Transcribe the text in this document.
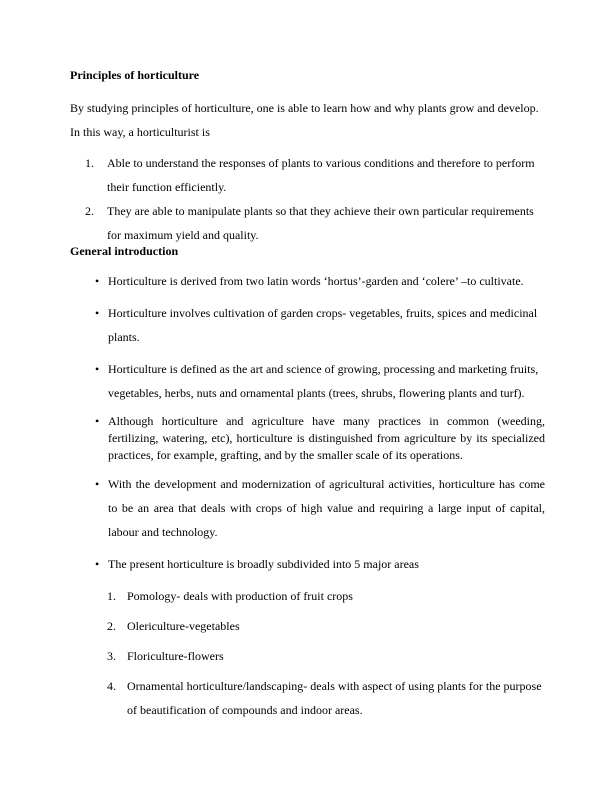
Principles of horticulture

By studying principles of horticulture, one is able to learn how and why plants grow and develop. In this way, a horticulturist is

1.	Able to understand the responses of plants to various conditions and therefore to perform their function efficiently.
2.	They are able to manipulate plants so that they achieve their own particular requirements for maximum yield and quality.
General introduction
• Horticulture is derived from two latin words ‘hortus’-garden and ‘colere’ –to cultivate.
• Horticulture involves cultivation of garden crops- vegetables, fruits, spices and medicinal plants.
• Horticulture is defined as the art and science of growing, processing and marketing fruits, vegetables, herbs, nuts and ornamental plants (trees, shrubs, flowering plants and turf).
• Although horticulture and agriculture have many practices in common (weeding, fertilizing, watering, etc), horticulture is distinguished from agriculture by its specialized practices, for example, grafting, and by the smaller scale of its operations.
• With the development and modernization of agricultural activities, horticulture has come to be an area that deals with crops of high value and requiring a large input of capital, labour and technology.
• The present horticulture is broadly subdivided into 5 major areas
1. Pomology- deals with production of fruit crops
2. Olericulture-vegetables
3. Floriculture-flowers
4. Ornamental horticulture/landscaping- deals with aspect of using plants for the purpose of beautification of compounds and indoor areas.
